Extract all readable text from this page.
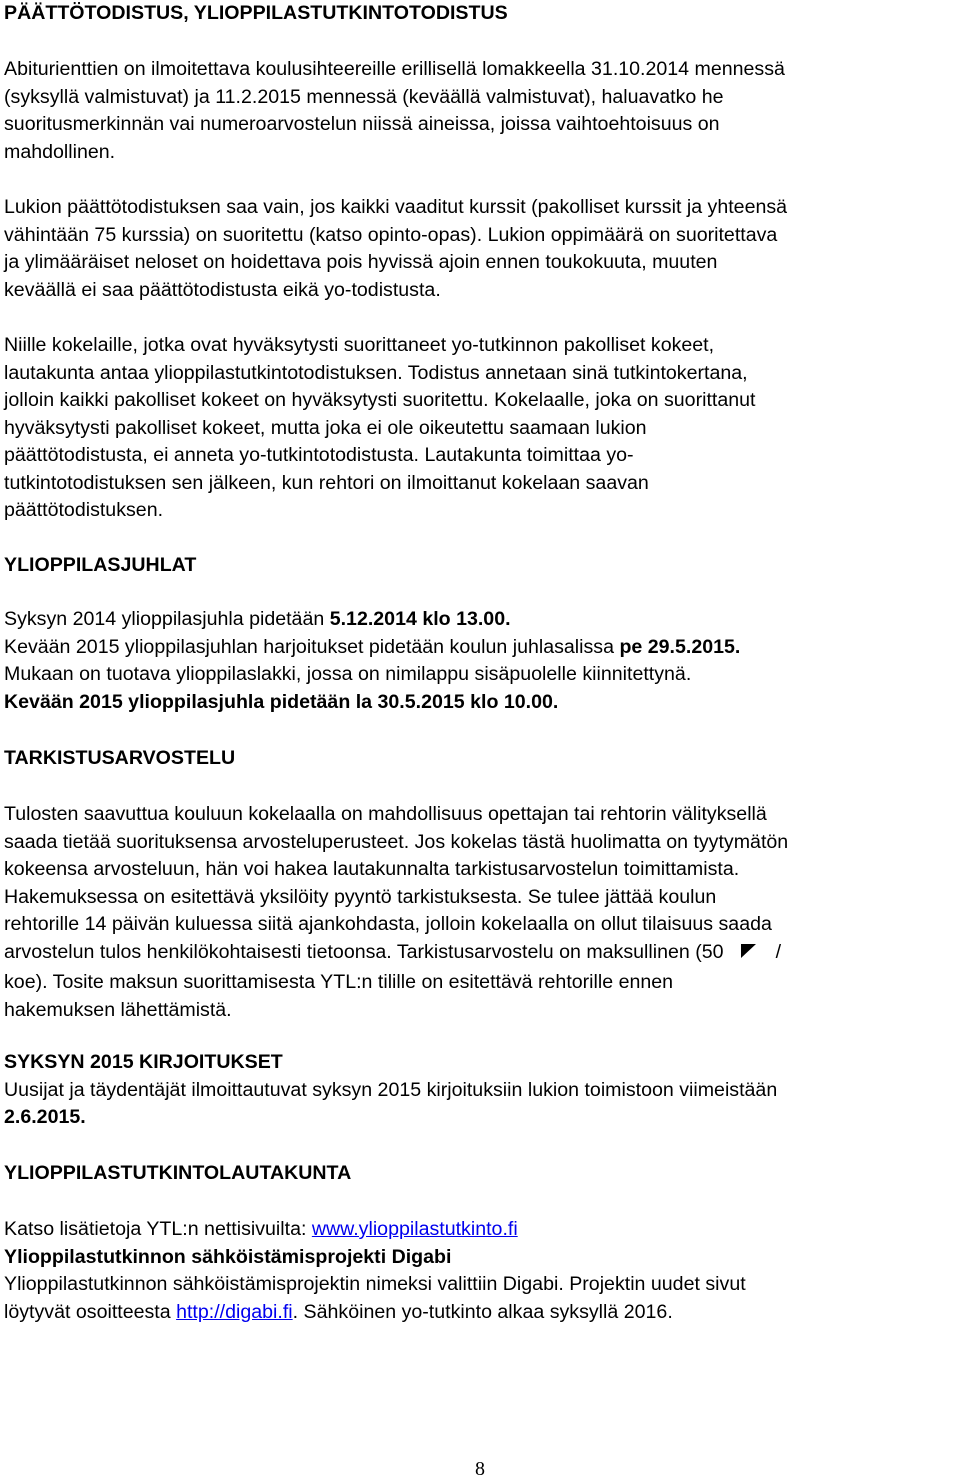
PÄÄTTÖTODISTUS, YLIOPPILASTUTKINTOTODISTUS
Abiturienttien on ilmoitettava koulusihteereille erillisellä lomakkeella 31.10.2014 mennessä
(syksyllä valmistuvat) ja 11.2.2015 mennessä (keväällä valmistuvat), haluavatko he
suoritusmerkinnän vai numeroarvostelun niissä aineissa, joissa vaihtoehtoisuus on
mahdollinen.
Lukion päättötodistuksen saa vain, jos kaikki vaaditut kurssit (pakolliset kurssit ja yhteensä
vähintään 75 kurssia) on suoritettu (katso opinto-opas). Lukion oppimäärä on suoritettava
ja ylimääräiset neloset on hoidettava pois hyvissä ajoin ennen toukokuuta, muuten
keväällä ei saa päättötodistusta eikä yo-todistusta.
Niille kokelaille, jotka ovat hyväksytysti suorittaneet yo-tutkinnon pakolliset kokeet,
lautakunta antaa ylioppilastutkintotodistuksen. Todistus annetaan sinä tutkintokertana,
jolloin kaikki pakolliset kokeet on hyväksytysti suoritettu. Kokelaalle, joka on suorittanut
hyväksytysti pakolliset kokeet, mutta joka ei ole oikeutettu saamaan lukion
päättötodistusta, ei anneta yo-tutkintotodistusta. Lautakunta toimittaa yo-
tutkintotodistuksen sen jälkeen, kun rehtori on ilmoittanut kokelaan saavan
päättötodistuksen.
YLIOPPILASJUHLAT
Syksyn 2014 ylioppilasjuhla pidetään 5.12.2014 klo 13.00.
Kevään 2015 ylioppilasjuhlan harjoitukset pidetään koulun juhlasalissa pe 29.5.2015.
Mukaan on tuotava ylioppilaslakki, jossa on nimilappu sisäpuolelle kiinnitettynä.
Kevään 2015 ylioppilasjuhla pidetään la 30.5.2015 klo 10.00.
TARKISTUSARVOSTELU
Tulosten saavuttua kouluun kokelaalla on mahdollisuus opettajan tai rehtorin välityksellä
saada tietää suorituksensa arvosteluperusteet. Jos kokelas tästä huolimatta on tyytymätön
kokeensa arvosteluun, hän voi hakea lautakunnalta tarkistusarvostelun toimittamista.
Hakemuksessa on esitettävä yksilöity pyyntö tarkistuksesta. Se tulee jättää koulun
rehtorille 14 päivän kuluessa siitä ajankohdasta, jolloin kokelaalla on ollut tilaisuus saada
arvostelun tulos henkilökohtaisesti tietoonsa. Tarkistusarvostelu on maksullinen (50	/
koe). Tosite maksun suorittamisesta YTL:n tilille on esitettävä rehtorille ennen
hakemuksen lähettämistä.
SYKSYN 2015 KIRJOITUKSET
Uusijat ja täydentäjät ilmoittautuvat syksyn 2015 kirjoituksiin lukion toimistoon viimeistään
2.6.2015.
YLIOPPILASTUTKINTOLAUTAKUNTA
Katso lisätietoja YTL:n nettisivuilta: www.ylioppilastutkinto.fi
Ylioppilastutkinnon sähköistämisprojekti Digabi
Ylioppilastutkinnon sähköistämisprojektin nimeksi valittiin Digabi. Projektin uudet sivut
löytyvät osoitteesta http://digabi.fi. Sähköinen yo-tutkinto alkaa syksyllä 2016.
8
